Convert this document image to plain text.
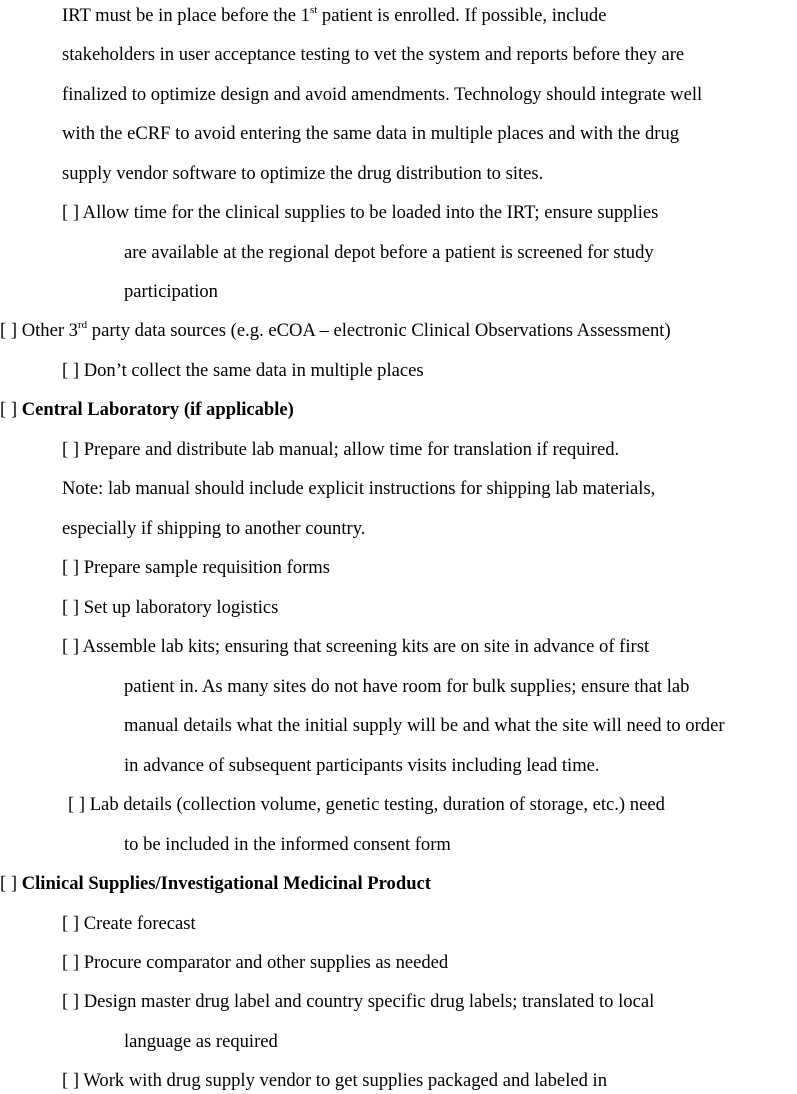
IRT must be in place before the 1st patient is enrolled. If possible, include
stakeholders in user acceptance testing to vet the system and reports before they are
finalized to optimize design and avoid amendments. Technology should integrate well
with the eCRF to avoid entering the same data in multiple places and with the drug
supply vendor software to optimize the drug distribution to sites.
[ ] Allow time for the clinical supplies to be loaded into the IRT; ensure supplies
are available at the regional depot before a patient is screened for study
participation
[ ] Other 3rd party data sources (e.g. eCOA – electronic Clinical Observations Assessment)
[ ] Don’t collect the same data in multiple places
[ ] Central Laboratory (if applicable)
[ ] Prepare and distribute lab manual; allow time for translation if required.
Note: lab manual should include explicit instructions for shipping lab materials,
especially if shipping to another country.
[ ] Prepare sample requisition forms
[ ] Set up laboratory logistics
[ ] Assemble lab kits; ensuring that screening kits are on site in advance of first
patient in. As many sites do not have room for bulk supplies; ensure that lab
manual details what the initial supply will be and what the site will need to order
in advance of subsequent participants visits including lead time.
[ ] Lab details (collection volume, genetic testing, duration of storage, etc.) need
to be included in the informed consent form
[ ] Clinical Supplies/Investigational Medicinal Product
[ ] Create forecast
[ ] Procure comparator and other supplies as needed
[ ] Design master drug label and country specific drug labels; translated to local
language as required
[ ] Work with drug supply vendor to get supplies packaged and labeled in
